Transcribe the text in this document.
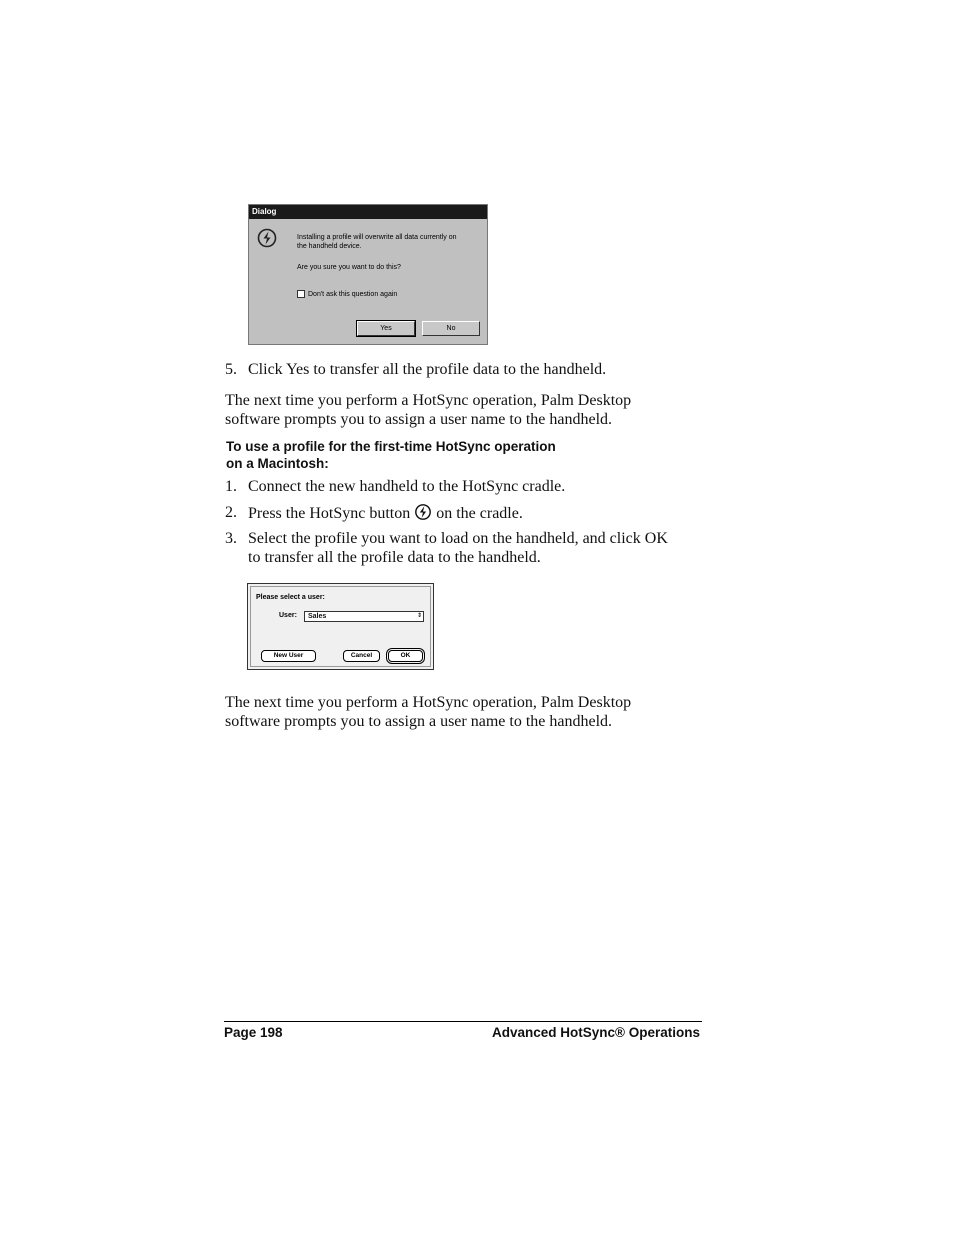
Dialog
Installing a profile will overwrite all data currently on
the handheld device.
Are you sure you want to do this?
Don't ask this question again
Yes	No
5. Click Yes to transfer all the profile data to the handheld.
The next time you perform a HotSync operation, Palm Desktop
software prompts you to assign a user name to the handheld.
To use a profile for the first-time HotSync operation
on a Macintosh:
1. Connect the new handheld to the HotSync cradle.
2. Press the HotSync button on the cradle.
3. Select the profile you want to load on the handheld, and click OK
to transfer all the profile data to the handheld.
Please select a user:
User:	Sales	⇕
New User	Cancel	OK
The next time you perform a HotSync operation, Palm Desktop
software prompts you to assign a user name to the handheld.
Page 198	Advanced HotSync® Operations
